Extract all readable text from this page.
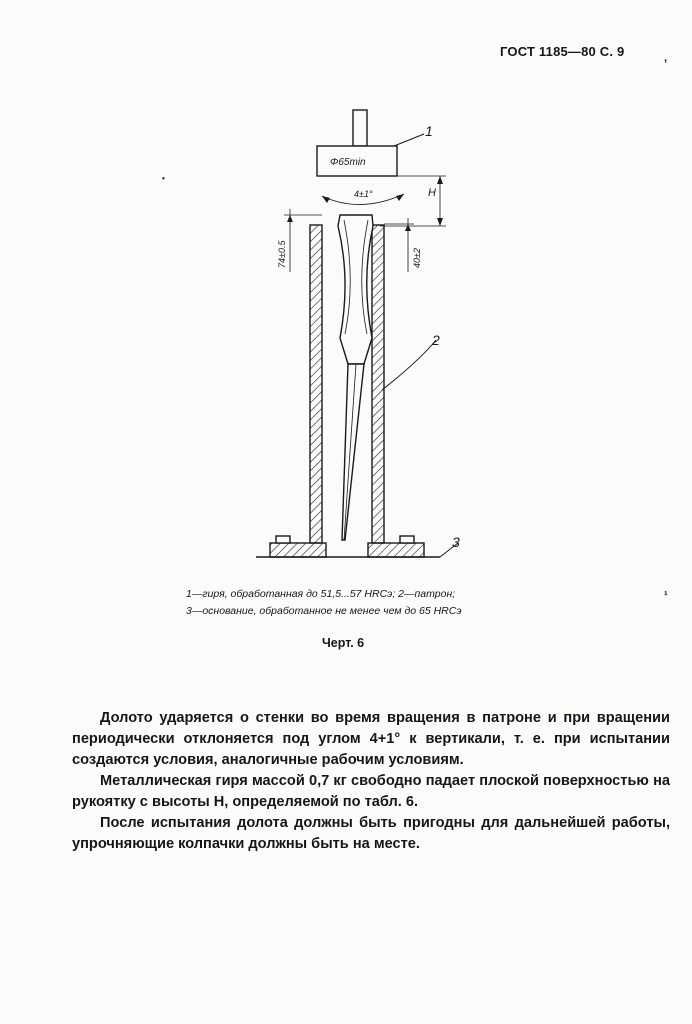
ГОСТ 1185—80 С. 9	,
•
¹
1
2
3
Φ65min
H
4±1°
74±0.5	40±2
1—гиря, обработанная до 51,5...57 HRCэ; 2—патрон;
3—основание, обработанное не менее чем до 65 HRCэ
Черт. 6

Долото ударяется о стенки во время вращения в патроне и при вращении периодически отклоняется под углом 4+1° к вертикали, т. е. при испытании создаются условия, аналогичные рабочим условиям.

Металлическая гиря массой 0,7 кг свободно падает плоской поверхностью на рукоятку с высоты H, определяемой по табл. 6.

После испытания долота должны быть пригодны для дальнейшей работы, упрочняющие колпачки должны быть на месте.
